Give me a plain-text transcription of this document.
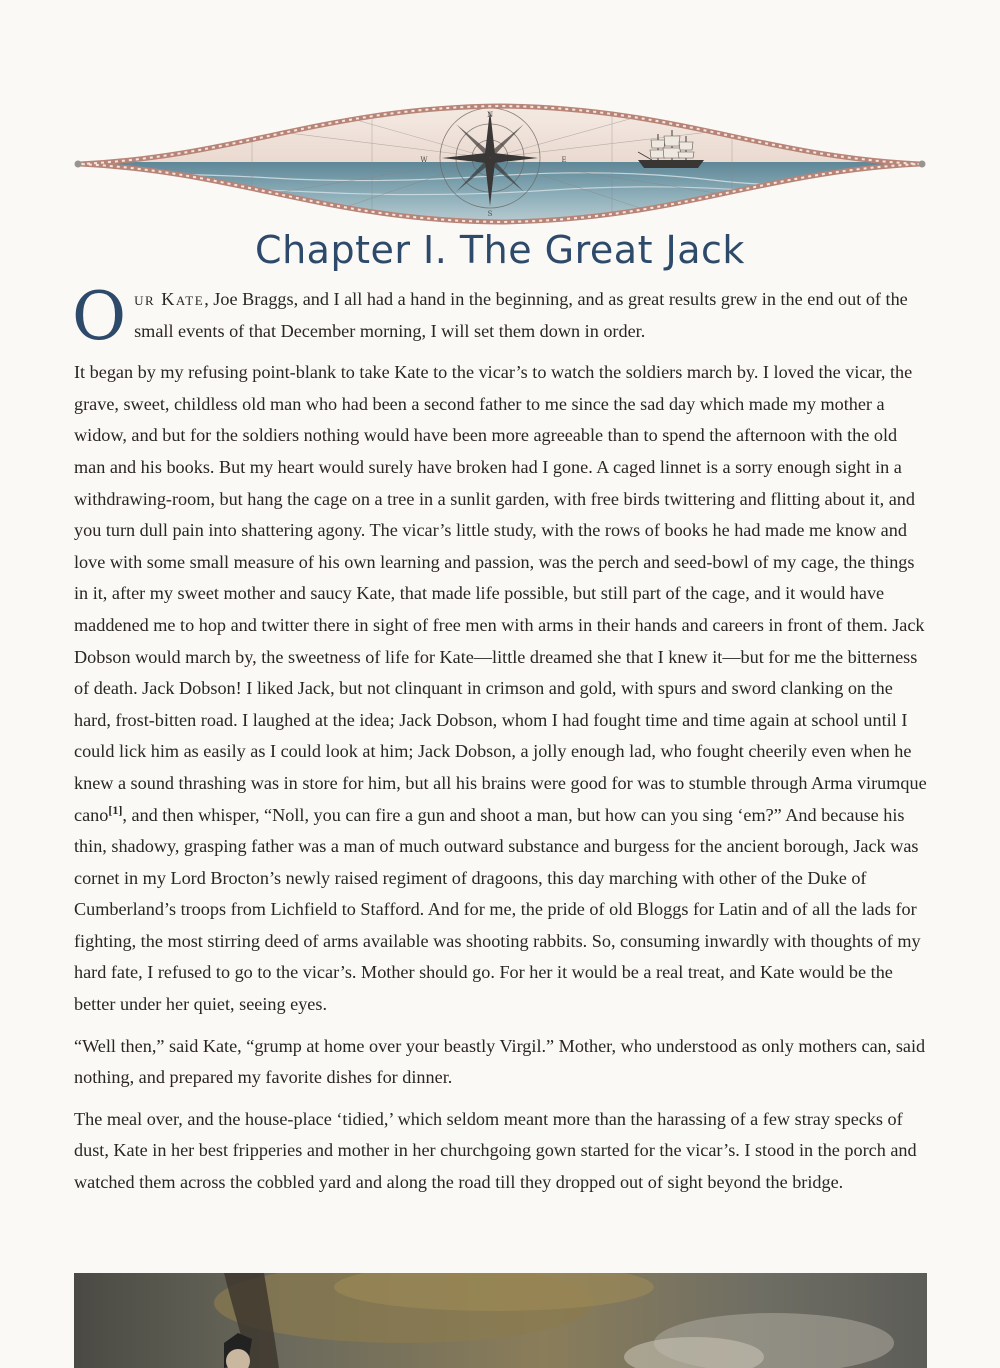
N
E
S
W
Chapter I. The Great Jack

Our Kate, Joe Braggs, and I all had a hand in the beginning, and as great results grew in the end out of the small events of that December morning, I will set them down in order.

It began by my refusing point-blank to take Kate to the vicar’s to watch the soldiers march by. I loved the vicar, the grave, sweet, childless old man who had been a second father to me since the sad day which made my mother a widow, and but for the soldiers nothing would have been more agreeable than to spend the afternoon with the old man and his books. But my heart would surely have broken had I gone. A caged linnet is a sorry enough sight in a withdrawing-room, but hang the cage on a tree in a sunlit garden, with free birds twittering and flitting about it, and you turn dull pain into shattering agony. The vicar’s little study, with the rows of books he had made me know and love with some small measure of his own learning and passion, was the perch and seed-bowl of my cage, the things in it, after my sweet mother and saucy Kate, that made life possible, but still part of the cage, and it would have maddened me to hop and twitter there in sight of free men with arms in their hands and careers in front of them. Jack Dobson would march by, the sweetness of life for Kate—little dreamed she that I knew it—but for me the bitterness of death. Jack Dobson! I liked Jack, but not clinquant in crimson and gold, with spurs and sword clanking on the hard, frost-bitten road. I laughed at the idea; Jack Dobson, whom I had fought time and time again at school until I could lick him as easily as I could look at him; Jack Dobson, a jolly enough lad, who fought cheerily even when he knew a sound thrashing was in store for him, but all his brains were good for was to stumble through Arma virumque cano[1], and then whisper, “Noll, you can fire a gun and shoot a man, but how can you sing ‘em?” And because his thin, shadowy, grasping father was a man of much outward substance and burgess for the ancient borough, Jack was cornet in my Lord Brocton’s newly raised regiment of dragoons, this day marching with other of the Duke of Cumberland’s troops from Lichfield to Stafford. And for me, the pride of old Bloggs for Latin and of all the lads for fighting, the most stirring deed of arms available was shooting rabbits. So, consuming inwardly with thoughts of my hard fate, I refused to go to the vicar’s. Mother should go. For her it would be a real treat, and Kate would be the better under her quiet, seeing eyes.

“Well then,” said Kate, “grump at home over your beastly Virgil.” Mother, who understood as only mothers can, said nothing, and prepared my favorite dishes for dinner.

The meal over, and the house-place ‘tidied,’ which seldom meant more than the harassing of a few stray specks of dust, Kate in her best fripperies and mother in her churchgoing gown started for the vicar’s. I stood in the porch and watched them across the cobbled yard and along the road till they dropped out of sight beyond the bridge.
